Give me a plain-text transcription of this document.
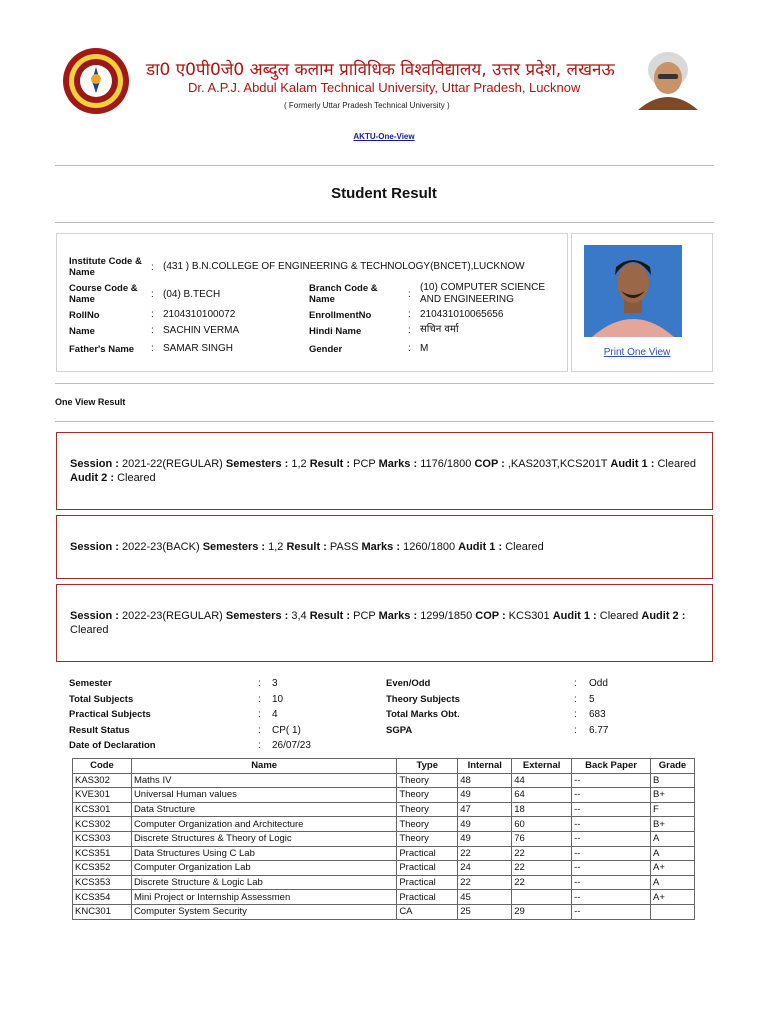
डा0 ए0पी0जे0 अब्दुल कलाम प्राविधिक विश्वविद्यालय, उत्तर प्रदेश, लखनऊ
Dr. A.P.J. Abdul Kalam Technical University, Uttar Pradesh, Lucknow
( Formerly Uttar Pradesh Technical University )
AKTU-One-View
Student Result
Institute Code & Name	: (431 ) B.N.COLLEGE OF ENGINEERING & TECHNOLOGY(BNCET),LUCKNOW
Course Code & Name	: (04) B.TECH
Branch Code & Name	:
(10) COMPUTER SCIENCE AND ENGINEERING
RollNo	: 2104310100072	EnrollmentNo	: 210431010065656
Name	: SACHIN VERMA	Hindi Name	: सचिन वर्मा
Father's Name : SAMAR SINGH	Gender	: M	Print One View
One View Result
Session : 2021-22(REGULAR) Semesters : 1,2 Result : PCP Marks : 1176/1800 COP : ,KAS203T,KCS201T Audit 1 : Cleared Audit 2 : Cleared
Session : 2022-23(BACK) Semesters : 1,2 Result : PASS Marks : 1260/1800 Audit 1 : Cleared
Session : 2022-23(REGULAR) Semesters : 3,4 Result : PCP Marks : 1299/1850 COP : KCS301 Audit 1 : Cleared Audit 2 : Cleared
Semester	: 3	Even/Odd	: Odd
Total Subjects	: 10	Theory Subjects	: 5
Practical Subjects	: 4	Total Marks Obt.	: 683
Result Status	: CP( 1)	SGPA	: 6.77
Date of Declaration	: 26/07/23
Code	Name	Type	Internal	External	Back Paper	Grade
KAS302	Maths IV	Theory	48	44	--	B
KVE301	Universal Human values	Theory	49	64	--	B+
KCS301	Data Structure	Theory	47	18	--	F
KCS302	Computer Organization and Architecture	Theory	49	60	--	B+
KCS303	Discrete Structures & Theory of Logic	Theory	49	76	--	A
KCS351	Data Structures Using C Lab	Practical	22	22	--	A
KCS352	Computer Organization Lab	Practical	24	22	--	A+
KCS353	Discrete Structure & Logic Lab	Practical	22	22	--	A
KCS354	Mini Project or Internship Assessmen	Practical	45		--	A+
KNC301	Computer System Security	CA	25	29	--	
